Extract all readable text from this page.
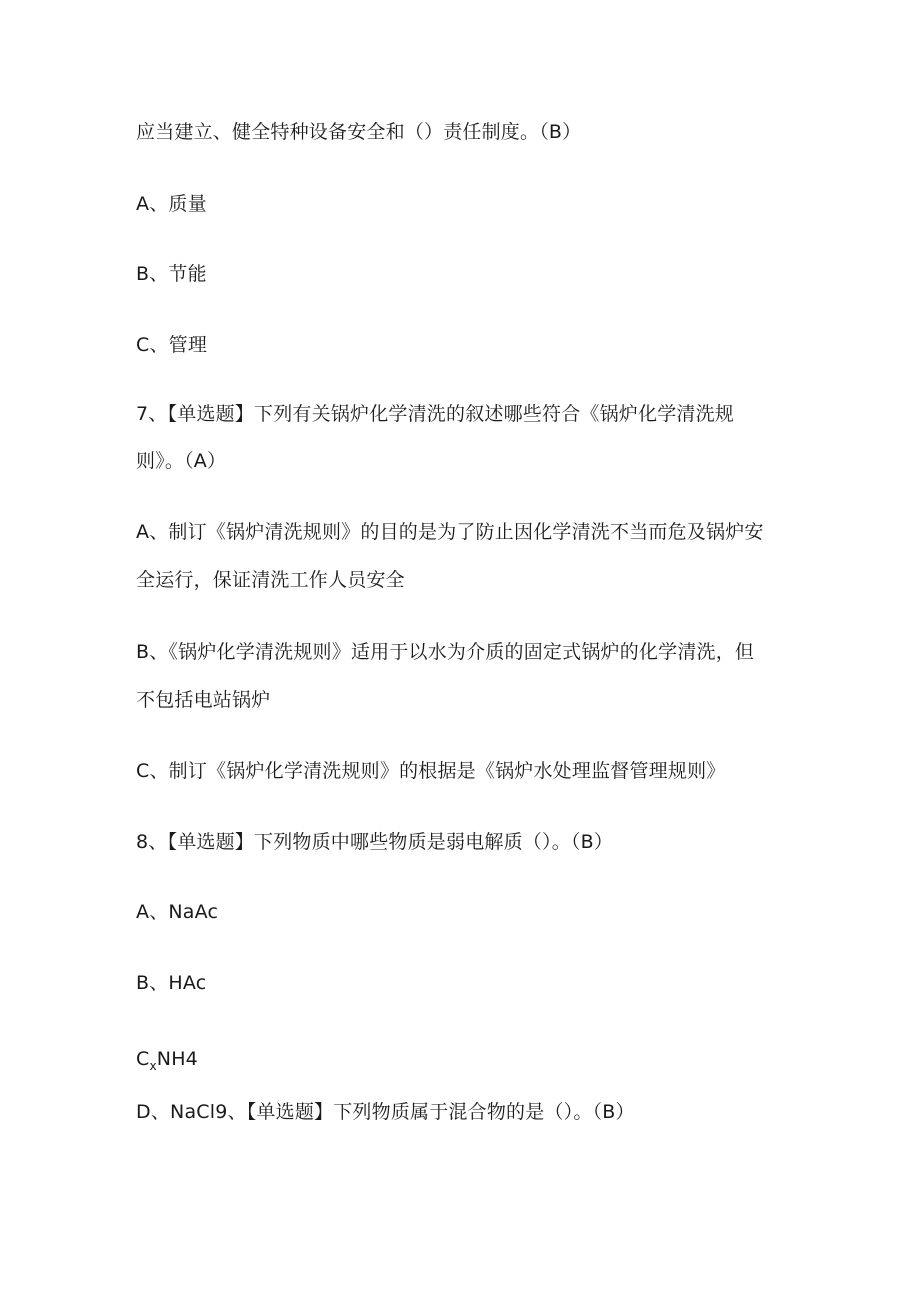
应当建立、健全特种设备安全和（）责任制度。（B）
A、质量
B、节能
C、管理
7、【单选题】下列有关锅炉化学清洗的叙述哪些符合《锅炉化学清洗规
则》。（A）
A、制订《锅炉清洗规则》的目的是为了防止因化学清洗不当而危及锅炉安
全运行，保证清洗工作人员安全
B、《锅炉化学清洗规则》适用于以水为介质的固定式锅炉的化学清洗，但
不包括电站锅炉
C、制订《锅炉化学清洗规则》的根据是《锅炉水处理监督管理规则》
8、【单选题】下列物质中哪些物质是弱电解质（）。（B）
A、NaAc
B、HAc
$C_xNH4$
D、NaCl9、【单选题】下列物质属于混合物的是（）。（B）
